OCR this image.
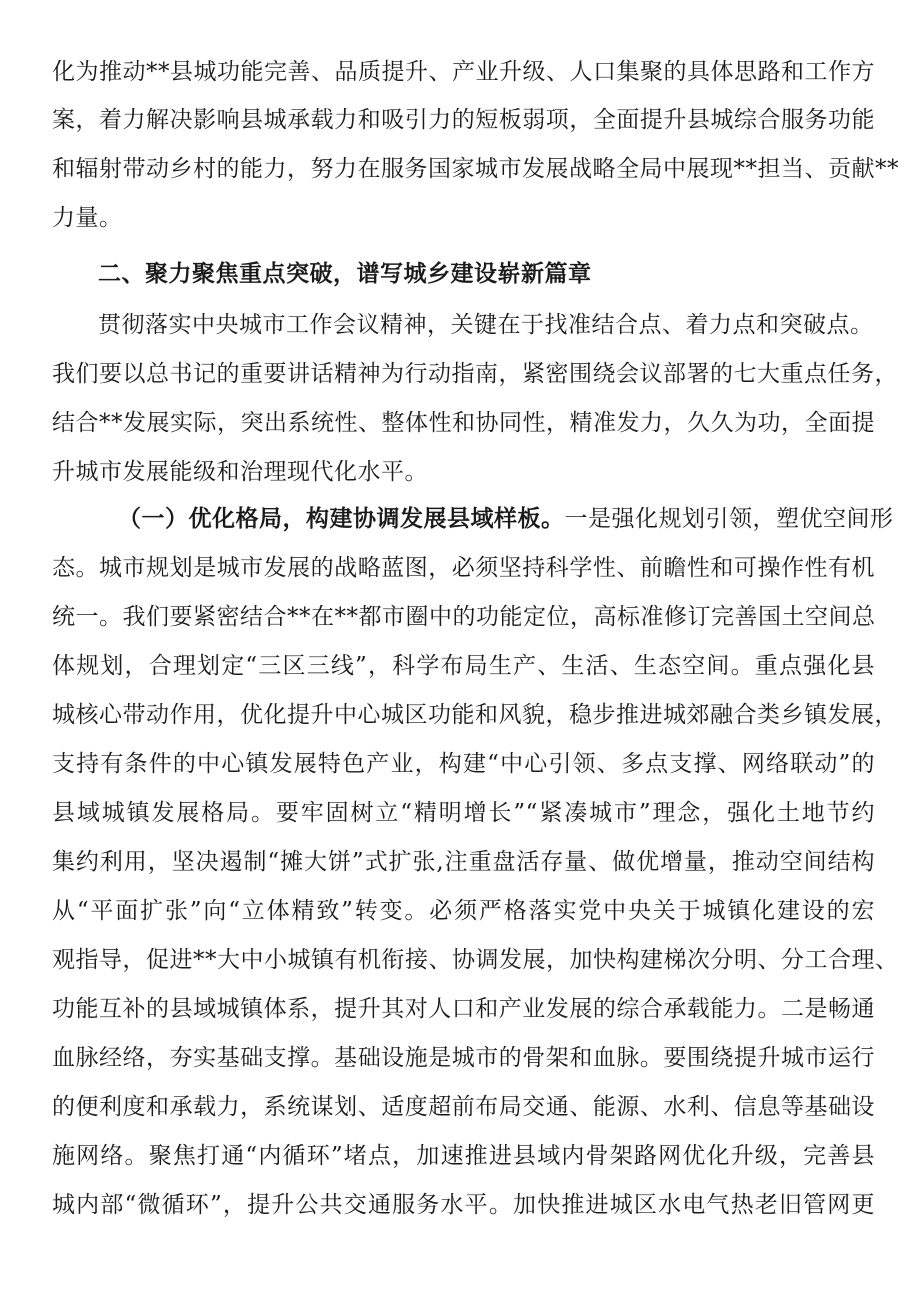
化为推动**县城功能完善、品质提升、产业升级、人口集聚的具体思路和工作方
案，着力解决影响县城承载力和吸引力的短板弱项，全面提升县城综合服务功能
和辐射带动乡村的能力，努力在服务国家城市发展战略全局中展现**担当、贡献**
力量。
二、聚力聚焦重点突破，谱写城乡建设崭新篇章
贯彻落实中央城市工作会议精神，关键在于找准结合点、着力点和突破点。
我们要以总书记的重要讲话精神为行动指南，紧密围绕会议部署的七大重点任务，
结合**发展实际，突出系统性、整体性和协同性，精准发力，久久为功，全面提
升城市发展能级和治理现代化水平。
（一）优化格局，构建协调发展县域样板。一是强化规划引领，塑优空间形
态。城市规划是城市发展的战略蓝图，必须坚持科学性、前瞻性和可操作性有机
统一。我们要紧密结合**在**都市圈中的功能定位，高标准修订完善国土空间总
体规划，合理划定“三区三线”，科学布局生产、生活、生态空间。重点强化县
城核心带动作用，优化提升中心城区功能和风貌，稳步推进城郊融合类乡镇发展，
支持有条件的中心镇发展特色产业，构建“中心引领、多点支撑、网络联动”的
县域城镇发展格局。要牢固树立“精明增长”“紧凑城市”理念，强化土地节约
集约利用，坚决遏制“摊大饼”式扩张,注重盘活存量、做优增量，推动空间结构
从“平面扩张”向“立体精致”转变。必须严格落实党中央关于城镇化建设的宏
观指导，促进**大中小城镇有机衔接、协调发展，加快构建梯次分明、分工合理、
功能互补的县域城镇体系，提升其对人口和产业发展的综合承载能力。二是畅通
血脉经络，夯实基础支撑。基础设施是城市的骨架和血脉。要围绕提升城市运行
的便利度和承载力，系统谋划、适度超前布局交通、能源、水利、信息等基础设
施网络。聚焦打通“内循环”堵点，加速推进县域内骨架路网优化升级，完善县
城内部“微循环”，提升公共交通服务水平。加快推进城区水电气热老旧管网更
